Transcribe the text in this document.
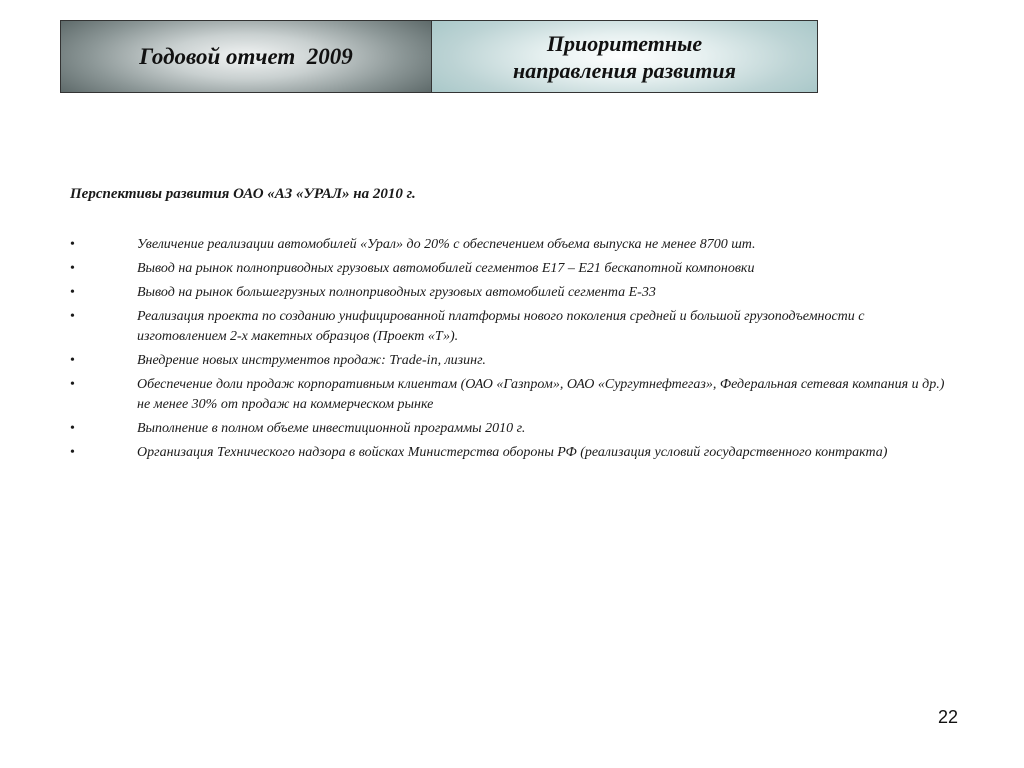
Годовой отчет  2009
Приоритетные
направления развития

Перспективы развития ОАО «АЗ «УРАЛ» на 2010 г.

•	Увеличение реализации автомобилей «Урал» до 20% с обеспечением объема выпуска не менее 8700 шт.
•	Вывод на рынок полноприводных грузовых автомобилей сегментов Е17 – Е21 бескапотной компоновки
•	Вывод на рынок большегрузных полноприводных грузовых автомобилей сегмента Е-33
•	Реализация проекта по созданию унифицированной платформы нового поколения средней и большой грузоподъемности с изготовлением 2-х макетных образцов (Проект «Т»).
•	Внедрение новых инструментов продаж: Trade-in, лизинг.
•	Обеспечение доли продаж корпоративным клиентам (ОАО «Газпром», ОАО «Сургутнефтегаз», Федеральная сетевая компания и др.) не менее 30% от продаж на коммерческом рынке
•	Выполнение в полном объеме инвестиционной программы 2010 г.
•	Организация Технического надзора в войсках Министерства обороны РФ (реализация условий государственного контракта)
22
